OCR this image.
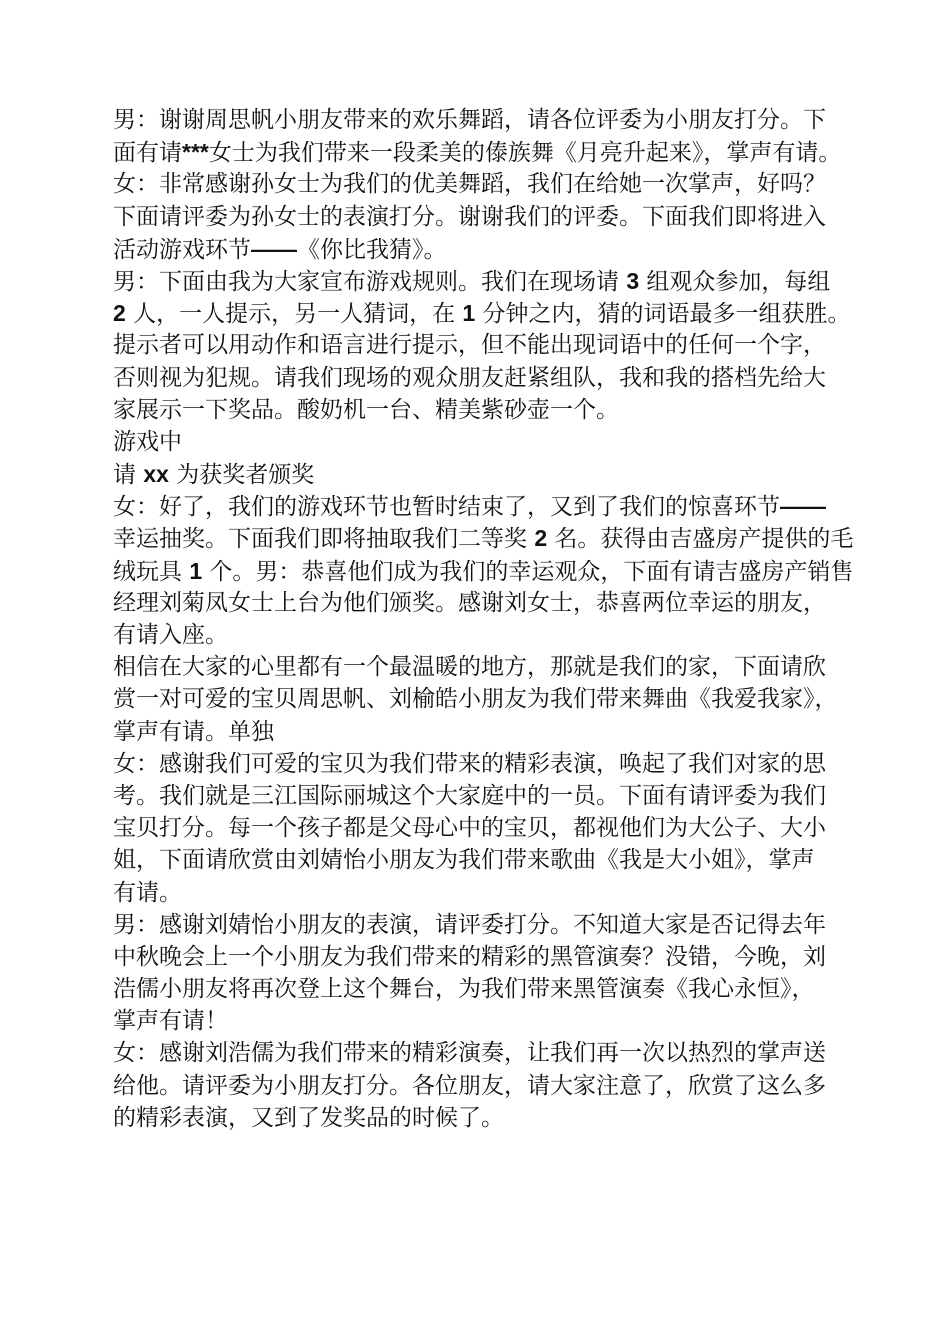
男：谢谢周思帆小朋友带来的欢乐舞蹈，请各位评委为小朋友打分。下
面有请***女士为我们带来一段柔美的傣族舞《月亮升起来》，掌声有请。
女：非常感谢孙女士为我们的优美舞蹈，我们在给她一次掌声，好吗？
下面请评委为孙女士的表演打分。谢谢我们的评委。下面我们即将进入
活动游戏环节——《你比我猜》。
男：下面由我为大家宣布游戏规则。我们在现场请 3 组观众参加，每组
2 人，一人提示，另一人猜词，在 1 分钟之内，猜的词语最多一组获胜。
提示者可以用动作和语言进行提示，但不能出现词语中的任何一个字，
否则视为犯规。请我们现场的观众朋友赶紧组队，我和我的搭档先给大
家展示一下奖品。酸奶机一台、精美紫砂壶一个。
游戏中
请 xx 为获奖者颁奖
女：好了，我们的游戏环节也暂时结束了，又到了我们的惊喜环节——
幸运抽奖。下面我们即将抽取我们二等奖 2 名。获得由吉盛房产提供的毛
绒玩具 1 个。男：恭喜他们成为我们的幸运观众，下面有请吉盛房产销售
经理刘菊凤女士上台为他们颁奖。感谢刘女士，恭喜两位幸运的朋友，
有请入座。
相信在大家的心里都有一个最温暖的地方，那就是我们的家，下面请欣
赏一对可爱的宝贝周思帆、刘榆皓小朋友为我们带来舞曲《我爱我家》，
掌声有请。单独
女：感谢我们可爱的宝贝为我们带来的精彩表演，唤起了我们对家的思
考。我们就是三江国际丽城这个大家庭中的一员。下面有请评委为我们
宝贝打分。每一个孩子都是父母心中的宝贝，都视他们为大公子、大小
姐，下面请欣赏由刘婧怡小朋友为我们带来歌曲《我是大小姐》，掌声
有请。
男：感谢刘婧怡小朋友的表演，请评委打分。不知道大家是否记得去年
中秋晚会上一个小朋友为我们带来的精彩的黑管演奏？没错，今晚，刘
浩儒小朋友将再次登上这个舞台，为我们带来黑管演奏《我心永恒》，
掌声有请！
女：感谢刘浩儒为我们带来的精彩演奏，让我们再一次以热烈的掌声送
给他。请评委为小朋友打分。各位朋友，请大家注意了，欣赏了这么多
的精彩表演，又到了发奖品的时候了。
